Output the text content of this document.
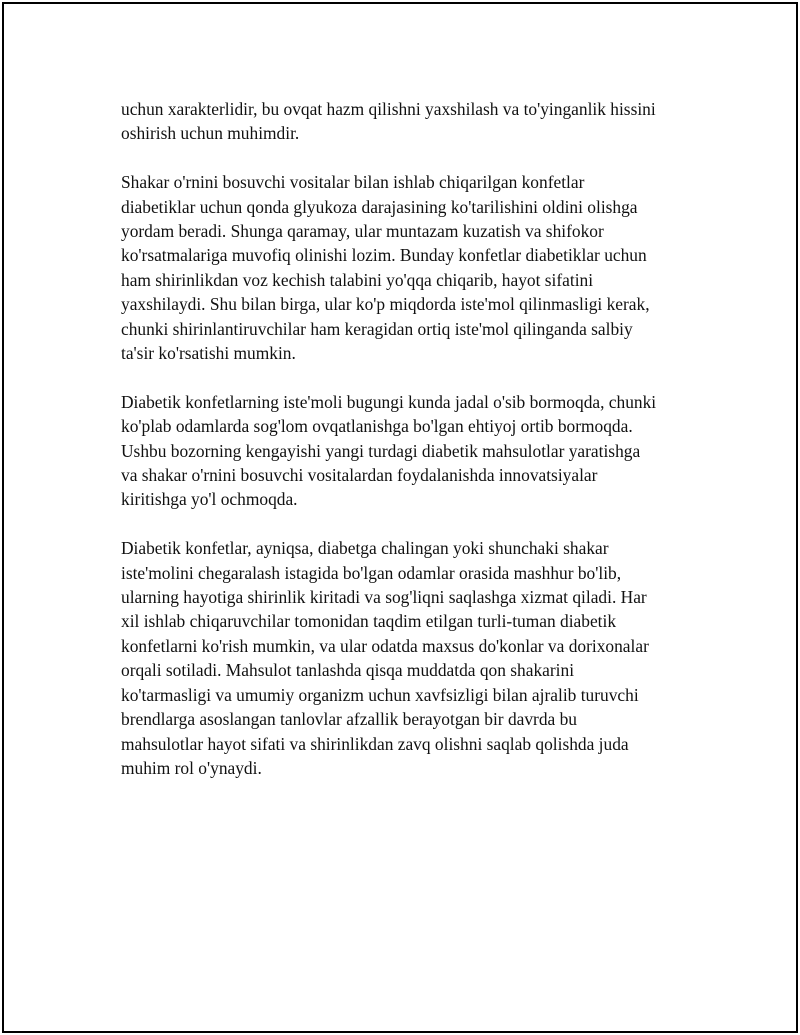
uchun xarakterlidir, bu ovqat hazm qilishni yaxshilash va to'yinganlik hissini
oshirish uchun muhimdir.

Shakar o'rnini bosuvchi vositalar bilan ishlab chiqarilgan konfetlar
diabetiklar uchun qonda glyukoza darajasining ko'tarilishini oldini olishga
yordam beradi. Shunga qaramay, ular muntazam kuzatish va shifokor
ko'rsatmalariga muvofiq olinishi lozim. Bunday konfetlar diabetiklar uchun
ham shirinlikdan voz kechish talabini yo'qqa chiqarib, hayot sifatini
yaxshilaydi. Shu bilan birga, ular ko'p miqdorda iste'mol qilinmasligi kerak,
chunki shirinlantiruvchilar ham keragidan ortiq iste'mol qilinganda salbiy
ta'sir ko'rsatishi mumkin.

Diabetik konfetlarning iste'moli bugungi kunda jadal o'sib bormoqda, chunki
ko'plab odamlarda sog'lom ovqatlanishga bo'lgan ehtiyoj ortib bormoqda.
Ushbu bozorning kengayishi yangi turdagi diabetik mahsulotlar yaratishga
va shakar o'rnini bosuvchi vositalardan foydalanishda innovatsiyalar
kiritishga yo'l ochmoqda.

Diabetik konfetlar, ayniqsa, diabetga chalingan yoki shunchaki shakar
iste'molini chegaralash istagida bo'lgan odamlar orasida mashhur bo'lib,
ularning hayotiga shirinlik kiritadi va sog'liqni saqlashga xizmat qiladi. Har
xil ishlab chiqaruvchilar tomonidan taqdim etilgan turli-tuman diabetik
konfetlarni ko'rish mumkin, va ular odatda maxsus do'konlar va dorixonalar
orqali sotiladi. Mahsulot tanlashda qisqa muddatda qon shakarini
ko'tarmasligi va umumiy organizm uchun xavfsizligi bilan ajralib turuvchi
brendlarga asoslangan tanlovlar afzallik berayotgan bir davrda bu
mahsulotlar hayot sifati va shirinlikdan zavq olishni saqlab qolishda juda
muhim rol o'ynaydi.
